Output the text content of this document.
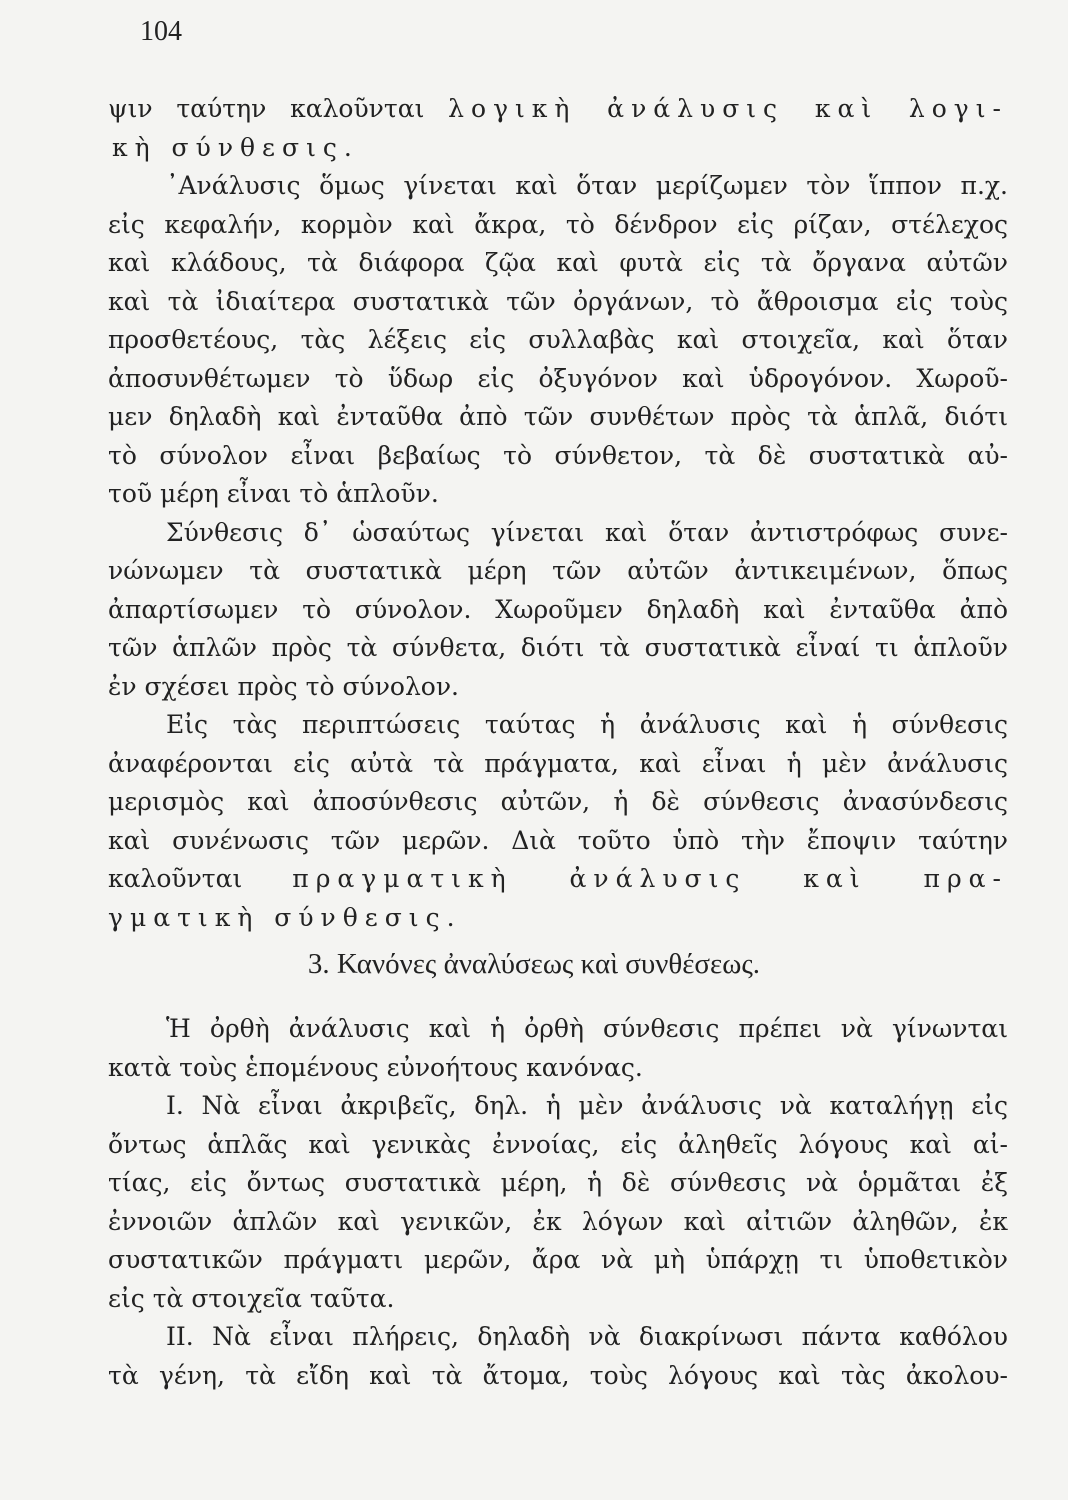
104
ψιν ταύτην καλοῦνται λογικὴ ἀνάλυσις καὶ λογι-
κὴ σύνθεσις.
᾿Ανάλυσις ὅμως γίνεται καὶ ὅταν μερίζωμεν τὸν ἵππον π.χ.
εἰς κεφαλήν, κορμὸν καὶ ἄκρα, τὸ δένδρον εἰς ρίζαν, στέλεχος
καὶ κλάδους, τὰ διάφορα ζῷα καὶ φυτὰ εἰς τὰ ὄργανα αὐτῶν
καὶ τὰ ἰδιαίτερα συστατικὰ τῶν ὀργάνων, τὸ ἄθροισμα εἰς τοὺς
προσθετέους, τὰς λέξεις εἰς συλλαβὰς καὶ στοιχεῖα, καὶ ὅταν
ἀποσυνθέτωμεν τὸ ὕδωρ εἰς ὀξυγόνον καὶ ὑδρογόνον. Χωροῦ-
μεν δηλαδὴ καὶ ἐνταῦθα ἀπὸ τῶν συνθέτων πρὸς τὰ ἁπλᾶ, διότι
τὸ σύνολον εἶναι βεβαίως τὸ σύνθετον, τὰ δὲ συστατικὰ αὐ-
τοῦ μέρη εἶναι τὸ ἁπλοῦν.
Σύνθεσις δ᾿ ὡσαύτως γίνεται καὶ ὅταν ἀντιστρόφως συνε-
νώνωμεν τὰ συστατικὰ μέρη τῶν αὐτῶν ἀντικειμένων, ὅπως
ἀπαρτίσωμεν τὸ σύνολον. Χωροῦμεν δηλαδὴ καὶ ἐνταῦθα ἀπὸ
τῶν ἁπλῶν πρὸς τὰ σύνθετα, διότι τὰ συστατικὰ εἶναί τι ἁπλοῦν
ἐν σχέσει πρὸς τὸ σύνολον.
Εἰς τὰς περιπτώσεις ταύτας ἡ ἀνάλυσις καὶ ἡ σύνθεσις
ἀναφέρονται εἰς αὐτὰ τὰ πράγματα, καὶ εἶναι ἡ μὲν ἀνάλυσις
μερισμὸς καὶ ἀποσύνθεσις αὐτῶν, ἡ δὲ σύνθεσις ἀνασύνδεσις
καὶ συνένωσις τῶν μερῶν. Διὰ τοῦτο ὑπὸ τὴν ἔποψιν ταύτην
καλοῦνται πραγματικὴ ἀνάλυσις καὶ πρα-
γματικὴ σύνθεσις.
3. Κανόνες ἀναλύσεως καὶ συνθέσεως.
Ἡ ὀρθὴ ἀνάλυσις καὶ ἡ ὀρθὴ σύνθεσις πρέπει νὰ γίνωνται
κατὰ τοὺς ἑπομένους εὐνοήτους κανόνας.
I. Νὰ εἶναι ἀκριβεῖς, δηλ. ἡ μὲν ἀνάλυσις νὰ καταλήγῃ εἰς
ὄντως ἁπλᾶς καὶ γενικὰς ἐννοίας, εἰς ἀληθεῖς λόγους καὶ αἰ-
τίας, εἰς ὄντως συστατικὰ μέρη, ἡ δὲ σύνθεσις νὰ ὁρμᾶται ἐξ
ἐννοιῶν ἁπλῶν καὶ γενικῶν, ἐκ λόγων καὶ αἰτιῶν ἀληθῶν, ἐκ
συστατικῶν πράγματι μερῶν, ἄρα νὰ μὴ ὑπάρχῃ τι ὑποθετικὸν
εἰς τὰ στοιχεῖα ταῦτα.
II. Νὰ εἶναι πλήρεις, δηλαδὴ νὰ διακρίνωσι πάντα καθόλου
τὰ γένη, τὰ εἴδη καὶ τὰ ἄτομα, τοὺς λόγους καὶ τὰς ἀκολου-
